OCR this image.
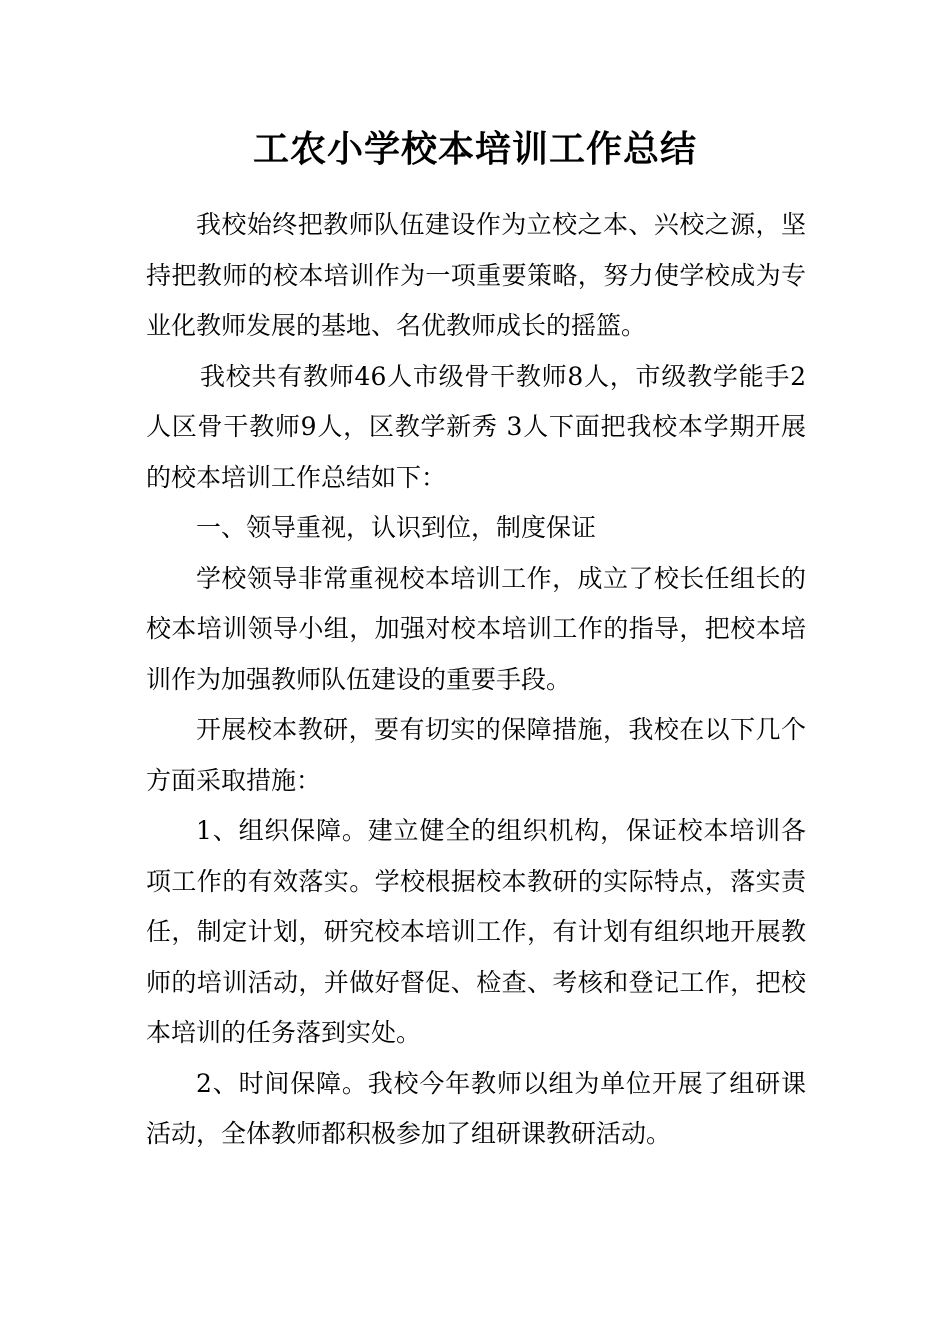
工农小学校本培训工作总结

我校始终把教师队伍建设作为立校之本、兴校之源，坚持把教师的校本培训作为一项重要策略，努力使学校成为专业化教师发展的基地、名优教师成长的摇篮。

我校共有教师46人市级骨干教师8人，市级教学能手2人区骨干教师9人，区教学新秀 3人下面把我校本学期开展的校本培训工作总结如下：

一、领导重视，认识到位，制度保证

学校领导非常重视校本培训工作，成立了校长任组长的校本培训领导小组，加强对校本培训工作的指导，把校本培训作为加强教师队伍建设的重要手段。

开展校本教研，要有切实的保障措施，我校在以下几个方面采取措施：

1、组织保障。建立健全的组织机构，保证校本培训各项工作的有效落实。学校根据校本教研的实际特点，落实责任，制定计划，研究校本培训工作，有计划有组织地开展教师的培训活动，并做好督促、检查、考核和登记工作，把校本培训的任务落到实处。

2、时间保障。我校今年教师以组为单位开展了组研课活动，全体教师都积极参加了组研课教研活动。
